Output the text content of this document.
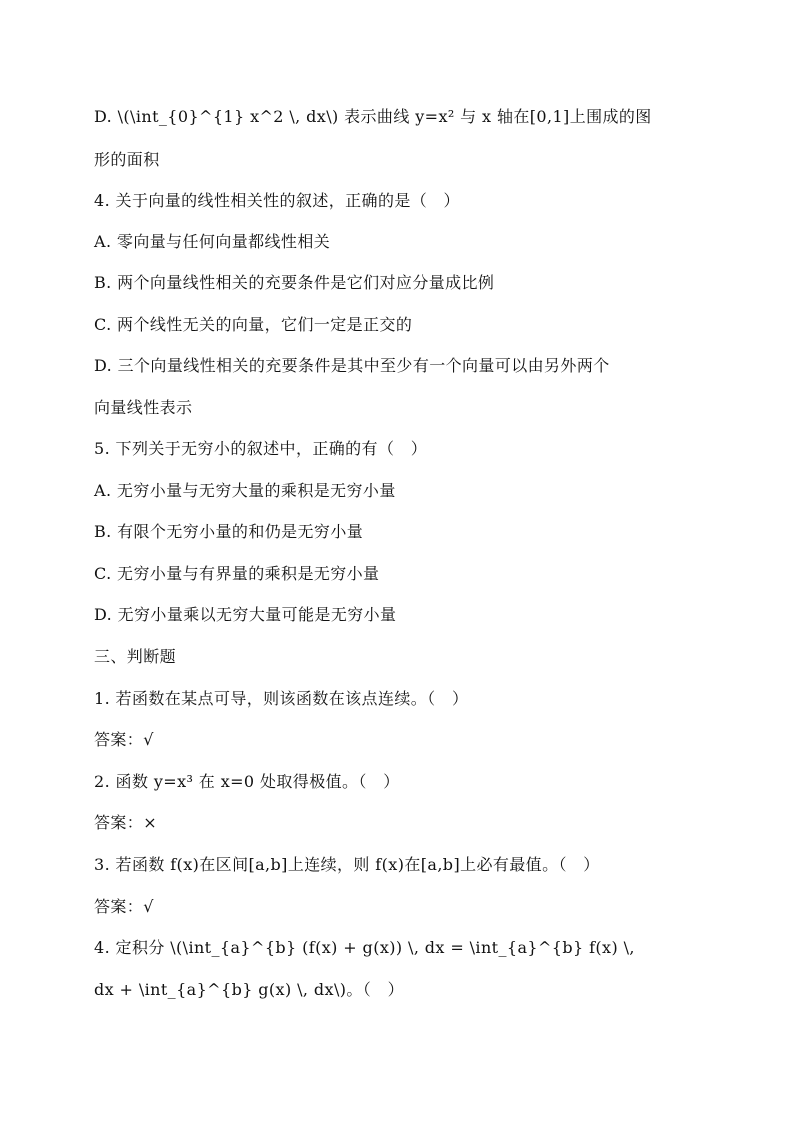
D. \(\int_{0}^{1} x^2 \, dx\) 表示曲线 y=x² 与 x 轴在[0,1]上围成的图
形的面积
4. 关于向量的线性相关性的叙述，正确的是（　）
A. 零向量与任何向量都线性相关
B. 两个向量线性相关的充要条件是它们对应分量成比例
C. 两个线性无关的向量，它们一定是正交的
D. 三个向量线性相关的充要条件是其中至少有一个向量可以由另外两个
向量线性表示
5. 下列关于无穷小的叙述中，正确的有（　）
A. 无穷小量与无穷大量的乘积是无穷小量
B. 有限个无穷小量的和仍是无穷小量
C. 无穷小量与有界量的乘积是无穷小量
D. 无穷小量乘以无穷大量可能是无穷小量
三、判断题
1. 若函数在某点可导，则该函数在该点连续。（　）
答案：√
2. 函数 y=x³ 在 x=0 处取得极值。（　）
答案：×
3. 若函数 f(x)在区间[a,b]上连续，则 f(x)在[a,b]上必有最值。（　）
答案：√
4. 定积分 \(\int_{a}^{b} (f(x) + g(x)) \, dx = \int_{a}^{b} f(x) \,
dx + \int_{a}^{b} g(x) \, dx\)。（　）
